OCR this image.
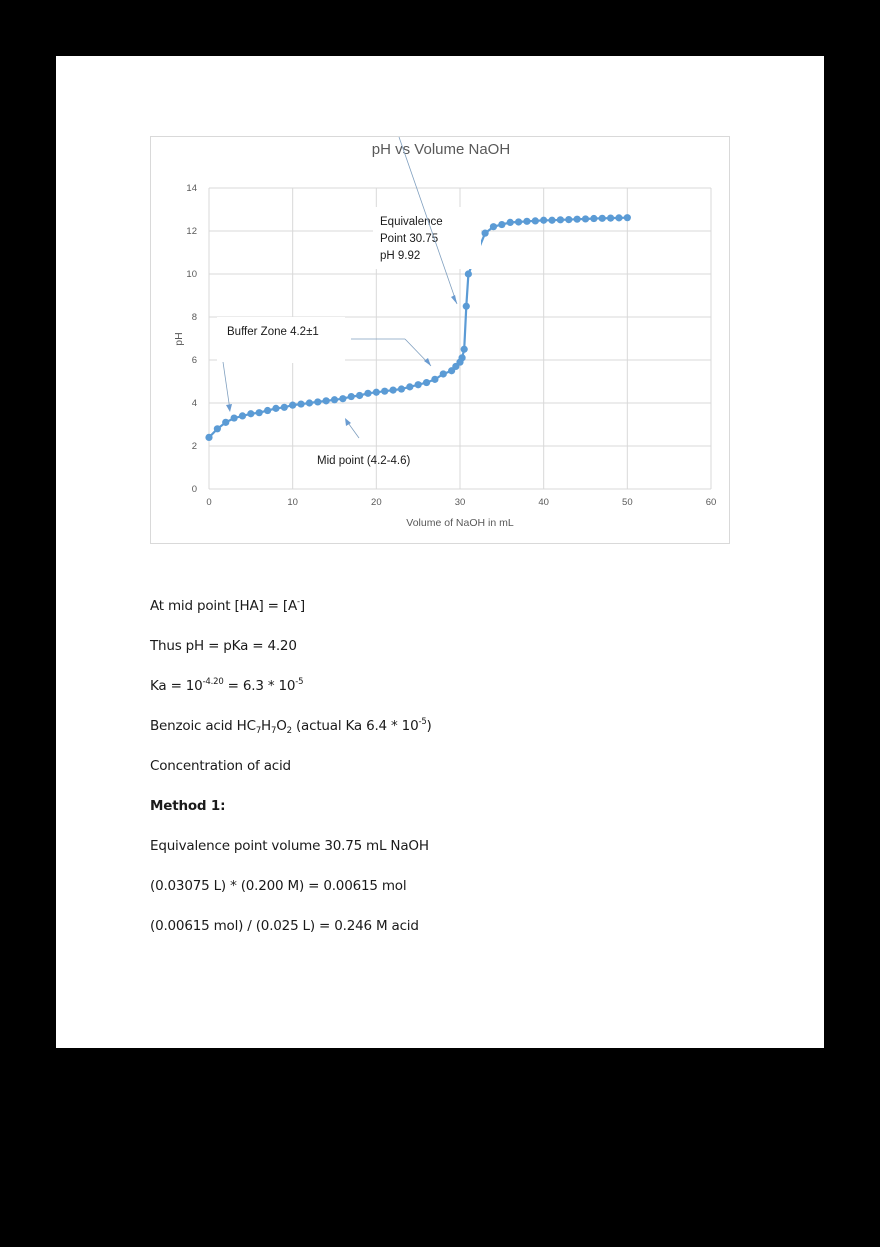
pH vs Volume NaOH
0
2
4
6
8
10
12
14
0	10	20	30	40	50	60
Volume of NaOH in mL
pH
Equivalence
Point 30.75
pH 9.92
Buffer Zone 4.2±1
Mid point (4.2-4.6)

At mid point [HA] = [A-]

Thus pH = pKa = 4.20

$Ka = 10^{-4.20} = 6.3 * 10^{-5}$

Benzoic acid $HC_7H_7O_2$ (actual Ka $6.4 * 10^{-5}$)

Concentration of acid

Method 1:

Equivalence point volume 30.75 mL NaOH

(0.03075 L) * (0.200 M) = 0.00615 mol

(0.00615 mol) / (0.025 L) = 0.246 M acid
